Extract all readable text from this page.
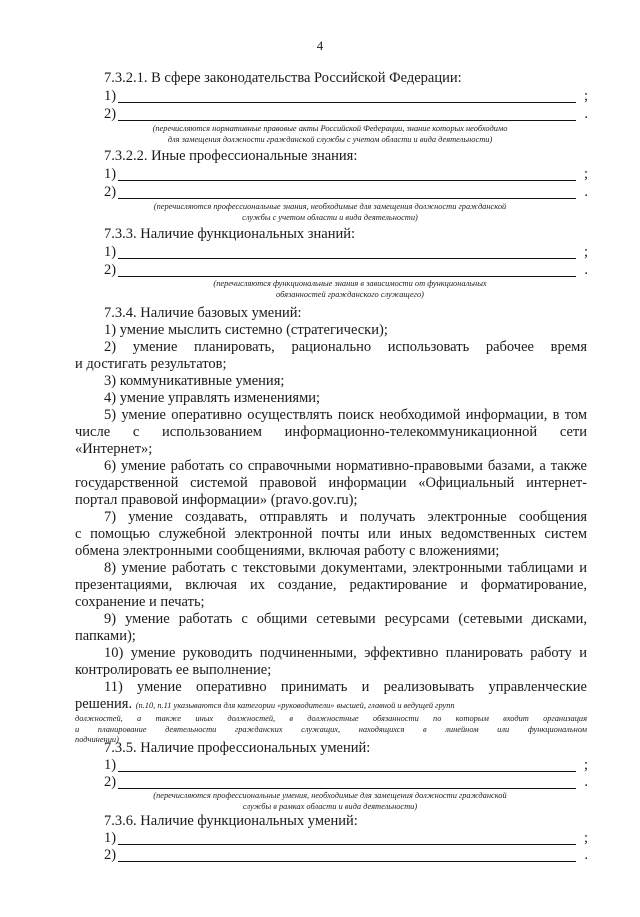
4
7.3.2.1. В сфере законодательства Российской Федерации:
1)	;
2)	.
(перечисляются нормативные правовые акты Российской Федерации, знание которых необходимо
для замещения должности гражданской службы с учетом области и вида деятельности)
7.3.2.2. Иные профессиональные знания:
1)	;
2)	.
(перечисляются профессиональные знания, необходимые для замещения должности гражданской
службы с учетом области и вида деятельности)
7.3.3. Наличие функциональных знаний:
1)	;
2)	.
(перечисляются функциональные знания в зависимости от функциональных
обязанностей гражданского служащего)
7.3.4. Наличие базовых умений:
1) умение мыслить системно (стратегически);
2) умение планировать, рационально использовать рабочее время
и достигать результатов;
3) коммуникативные умения;
4) умение управлять изменениями;
5) умение оперативно осуществлять поиск необходимой информации, в том
числе с использованием информационно-телекоммуникационной сети
«Интернет»;
6) умение работать со справочными нормативно-правовыми базами, а также
государственной системой правовой информации «Официальный интернет-
портал правовой информации» (pravo.gov.ru);
7) умение создавать, отправлять и получать электронные сообщения
с помощью служебной электронной почты или иных ведомственных систем
обмена электронными сообщениями, включая работу с вложениями;
8) умение работать с текстовыми документами, электронными таблицами и
презентациями, включая их создание, редактирование и форматирование,
сохранение и печать;
9) умение работать с общими сетевыми ресурсами (сетевыми дисками,
папками);
10) умение руководить подчиненными, эффективно планировать работу и
контролировать ее выполнение;
11) умение оперативно принимать и реализовывать управленческие
решения. (п.10, п.11 указываются для категории «руководители» высшей, главной и ведущей групп
должностей, а также иных должностей, в должностные обязанности по которым входит организация
и планирование деятельности гражданских служащих, находящихся в линейном или функциональном
подчинении)
7.3.5. Наличие профессиональных умений:
1)	;
2)	.
(перечисляются профессиональные умения, необходимые для замещения должности гражданской
службы в рамках области и вида деятельности)
7.3.6. Наличие функциональных умений:
1)	;
2)	.
